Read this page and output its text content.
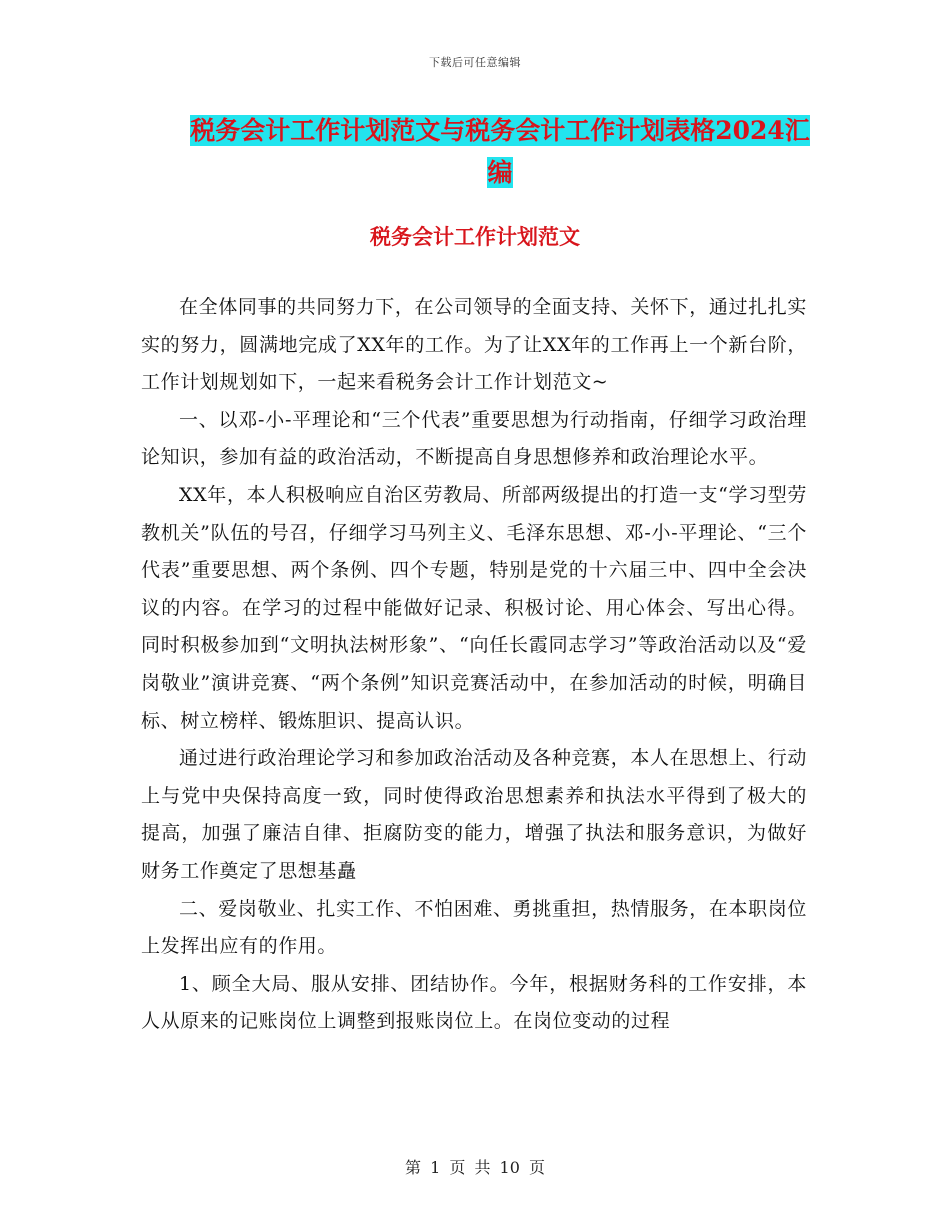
下载后可任意编辑
税务会计工作计划范文与税务会计工作计划表格2024汇编
税务会计工作计划范文

在全体同事的共同努力下，在公司领导的全面支持、关怀下，通过扎扎实实的努力，圆满地完成了XX年的工作。为了让XX年的工作再上一个新台阶，工作计划规划如下，一起来看税务会计工作计划范文~

一、以邓-小-平理论和“三个代表”重要思想为行动指南，仔细学习政治理论知识，参加有益的政治活动，不断提高自身思想修养和政治理论水平。

XX年，本人积极响应自治区劳教局、所部两级提出的打造一支“学习型劳教机关”队伍的号召，仔细学习马列主义、毛泽东思想、邓-小-平理论、“三个代表”重要思想、两个条例、四个专题，特别是党的十六届三中、四中全会决议的内容。在学习的过程中能做好记录、积极讨论、用心体会、写出心得。同时积极参加到“文明执法树形象”、“向任长霞同志学习”等政治活动以及“爱岗敬业”演讲竞赛、“两个条例”知识竞赛活动中，在参加活动的时候，明确目标、树立榜样、锻炼胆识、提高认识。

通过进行政治理论学习和参加政治活动及各种竞赛，本人在思想上、行动上与党中央保持高度一致，同时使得政治思想素养和执法水平得到了极大的提高，加强了廉洁自律、拒腐防变的能力，增强了执法和服务意识，为做好财务工作奠定了思想基矗

二、爱岗敬业、扎实工作、不怕困难、勇挑重担，热情服务，在本职岗位上发挥出应有的作用。

1、顾全大局、服从安排、团结协作。今年，根据财务科的工作安排，本人从原来的记账岗位上调整到报账岗位上。在岗位变动的过程

第 1 页 共 10 页
